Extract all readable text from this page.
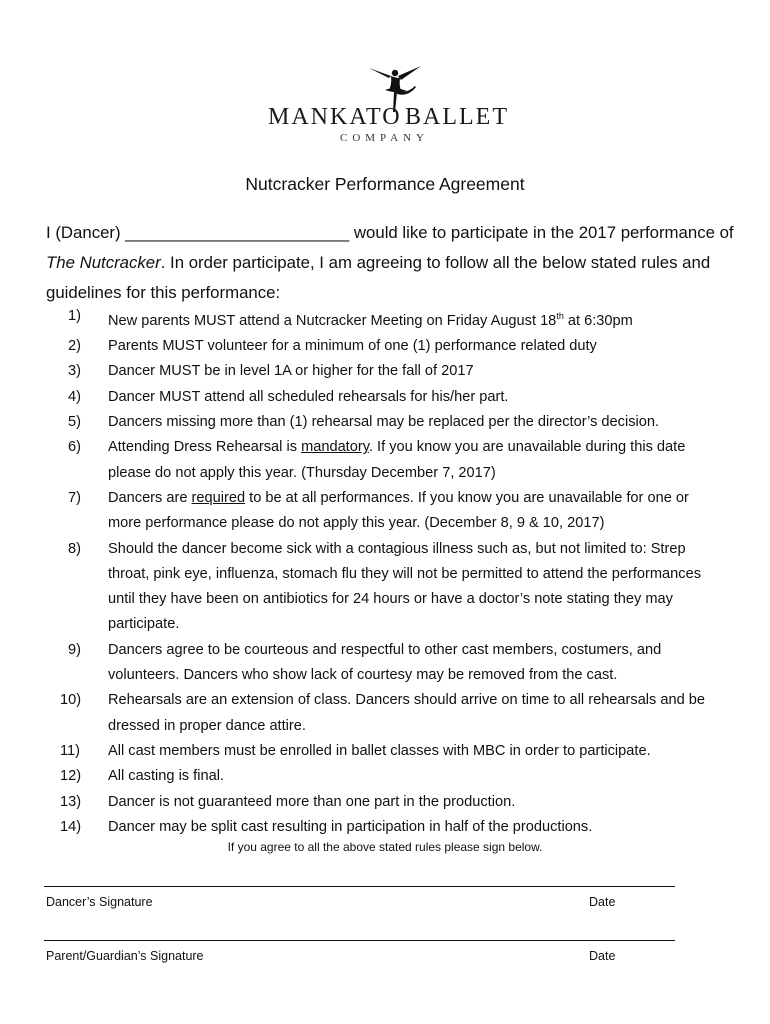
MANKATO BALLET
COMPANY
Nutcracker Performance Agreement
I (Dancer) ________________________ would like to participate in the 2017 performance of The Nutcracker. In order participate, I am agreeing to follow all the below stated rules and guidelines for this performance:
1) New parents MUST attend a Nutcracker Meeting on Friday August 18th at 6:30pm
2) Parents MUST volunteer for a minimum of one (1) performance related duty
3) Dancer MUST be in level 1A or higher for the fall of 2017
4) Dancer MUST attend all scheduled rehearsals for his/her part.
5) Dancers missing more than (1) rehearsal may be replaced per the director’s decision.
6) Attending Dress Rehearsal is mandatory. If you know you are unavailable during this date please do not apply this year. (Thursday December 7, 2017)
7) Dancers are required to be at all performances. If you know you are unavailable for one or more performance please do not apply this year. (December 8, 9 & 10, 2017)
8) Should the dancer become sick with a contagious illness such as, but not limited to: Strep throat, pink eye, influenza, stomach flu they will not be permitted to attend the performances until they have been on antibiotics for 24 hours or have a doctor’s note stating they may participate.
9) Dancers agree to be courteous and respectful to other cast members, costumers, and volunteers. Dancers who show lack of courtesy may be removed from the cast.
10) Rehearsals are an extension of class. Dancers should arrive on time to all rehearsals and be dressed in proper dance attire.
11) All cast members must be enrolled in ballet classes with MBC in order to participate.
12) All casting is final.
13) Dancer is not guaranteed more than one part in the production.
14) Dancer may be split cast resulting in participation in half of the productions.
If you agree to all the above stated rules please sign below.
Dancer’s Signature	Date
Parent/Guardian’s Signature	Date
